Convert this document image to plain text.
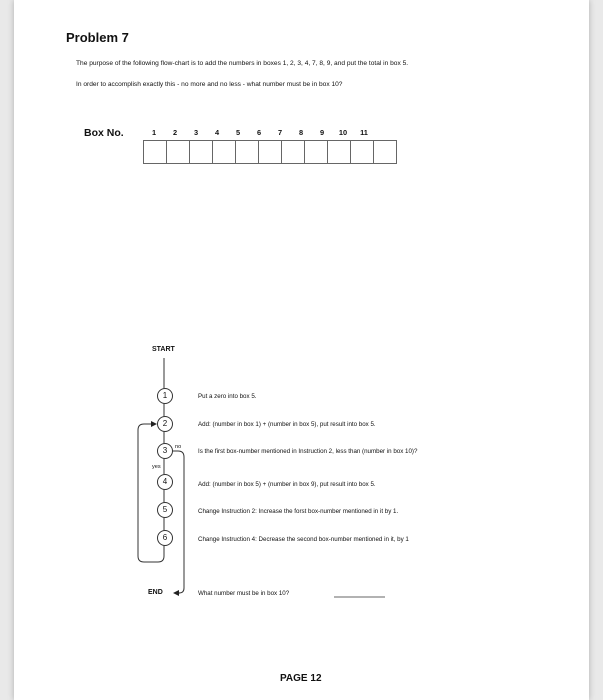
Problem 7
The purpose of the following flow-chart is to add the numbers in boxes 1, 2, 3, 4, 7, 8, 9, and put the total in box 5.
In order to accomplish exactly this - no more and no less - what number must be in box 10?
Box No.	1	2	3	4	5	6	7	8	9	10	11
START
1
2
3
4
5
6
no
yes
Put a zero into box 5.
Add: (number in box 1) + (number in box 5), put result into box 5.
Is the first box-number mentioned in Instruction 2, less than (number in box 10)?
Add: (number in box 5) + (number in box 9), put result into box 5.
Change Instruction 2: Increase the forst box-number mentioned in it by 1.
Change Instruction 4: Decrease the second box-number mentioned in it, by 1
END	What number must be in box 10?
PAGE 12
